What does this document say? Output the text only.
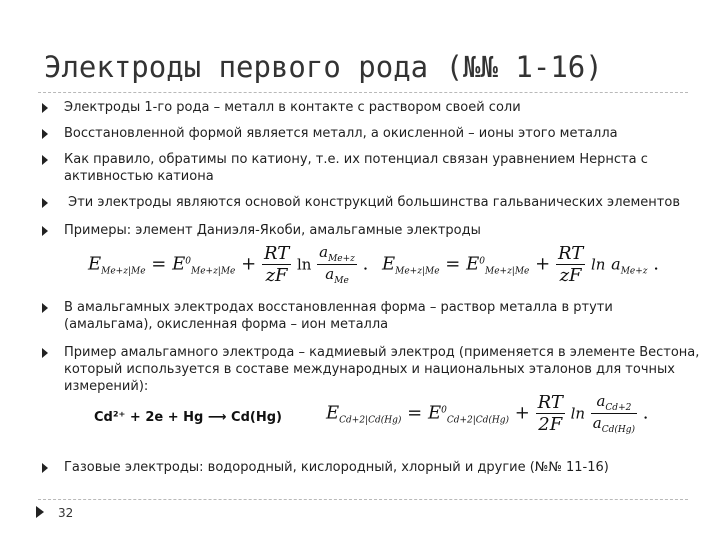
Электроды первого рода (№№ 1-16)
Электроды 1-го рода – металл в контакте с раствором своей соли
Восстановленной формой является металл, а окисленной – ионы этого металла
Как правило, обратимы по катиону, т.е. их потенциал связан уравнением Нернста с активностью катиона
Эти электроды являются основой конструкций большинства гальванических элементов
Примеры: элемент Даниэля-Якоби, амальгамные электроды
$E_{Me+z|Me} = E^0_{Me+z|Me} + \frac{RT}{zF}$ $\ln \frac{a_{Me+z}}{a_{Me}}$ . $E_{Me+z|Me} = E^0_{Me+z|Me} + \frac{RT}{zF}$ $\ln a_{Me+z}$ .
В амальгамных электродах восстановленная форма – раствор металла в ртути (амальгама), окисленная форма – ион металла
Пример амальгамного электрода – кадмиевый электрод (применяется в элементе Вестона, который используется в составе международных и национальных эталонов для точных измерений):
Cd²⁺ + 2e + Hg ⟶ Cd(Hg) $E_{Cd+2|Cd(Hg)} = E^0_{Cd+2|Cd(Hg)} + \frac{RT}{2F}$ $\ln \frac{a_{Cd+2}}{a_{Cd(Hg)}}$ .
Газовые электроды: водородный, кислородный, хлорный и другие (№№ 11-16)
32
